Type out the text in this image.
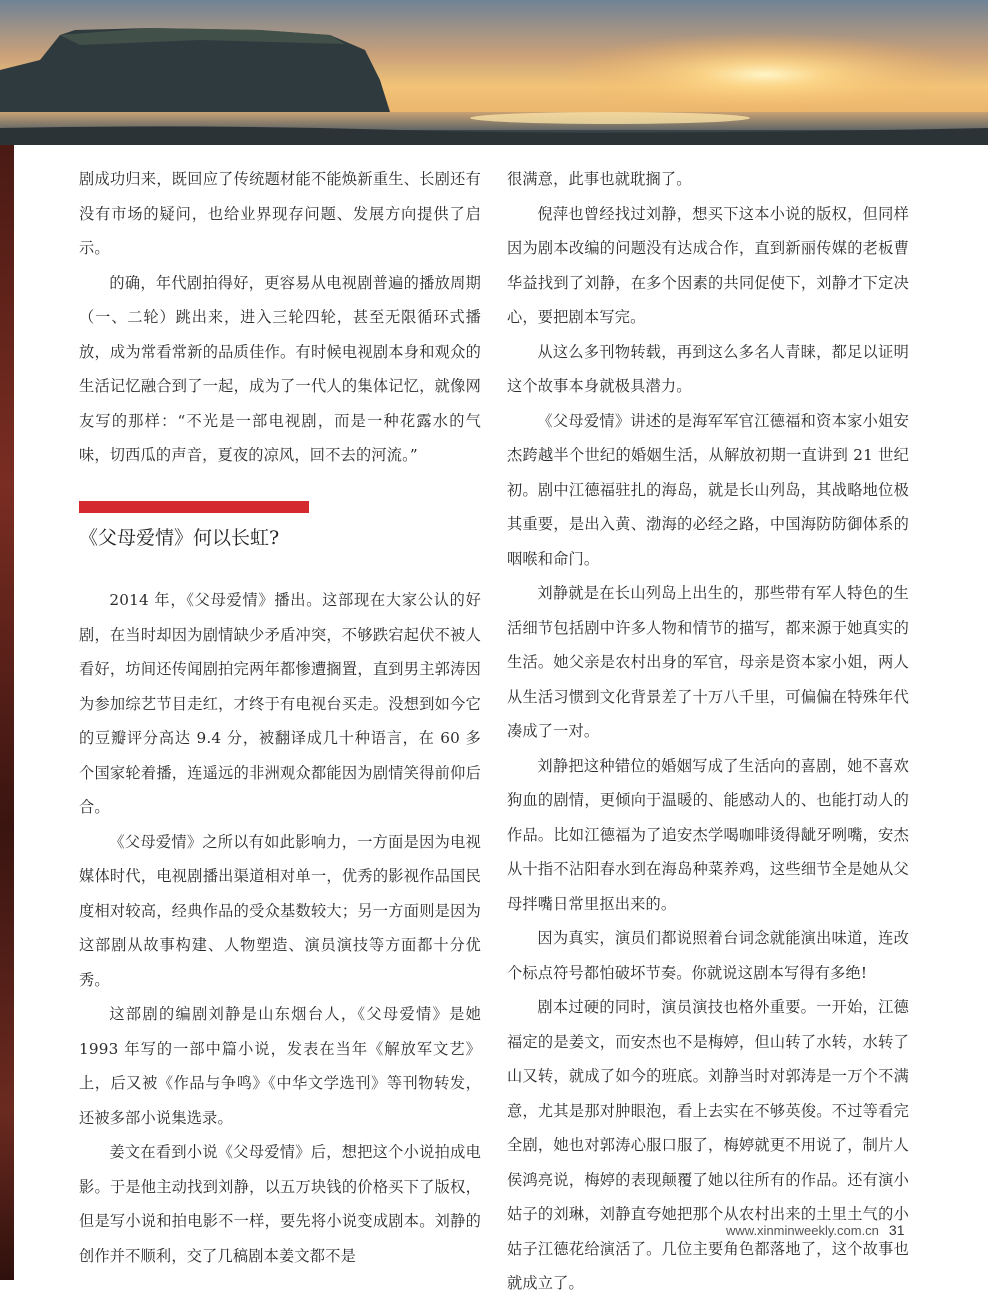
剧成功归来，既回应了传统题材能不能焕新重生、长剧还有没有市场的疑问，也给业界现存问题、发展方向提供了启示。

的确，年代剧拍得好，更容易从电视剧普遍的播放周期（一、二轮）跳出来，进入三轮四轮，甚至无限循环式播放，成为常看常新的品质佳作。有时候电视剧本身和观众的生活记忆融合到了一起，成为了一代人的集体记忆，就像网友写的那样：“不光是一部电视剧，而是一种花露水的气味，切西瓜的声音，夏夜的凉风，回不去的河流。”

《父母爱情》何以长虹?

2014 年，《父母爱情》播出。这部现在大家公认的好剧，在当时却因为剧情缺少矛盾冲突，不够跌宕起伏不被人看好，坊间还传闻剧拍完两年都惨遭搁置，直到男主郭涛因为参加综艺节目走红，才终于有电视台买走。没想到如今它的豆瓣评分高达 9.4 分，被翻译成几十种语言，在 60 多个国家轮着播，连遥远的非洲观众都能因为剧情笑得前仰后合。

《父母爱情》之所以有如此影响力，一方面是因为电视媒体时代，电视剧播出渠道相对单一，优秀的影视作品国民度相对较高，经典作品的受众基数较大；另一方面则是因为这部剧从故事构建、人物塑造、演员演技等方面都十分优秀。

这部剧的编剧刘静是山东烟台人，《父母爱情》是她 1993 年写的一部中篇小说，发表在当年《解放军文艺》上，后又被《作品与争鸣》《中华文学选刊》等刊物转发，还被多部小说集选录。

姜文在看到小说《父母爱情》后，想把这个小说拍成电影。于是他主动找到刘静，以五万块钱的价格买下了版权，但是写小说和拍电影不一样，要先将小说变成剧本。刘静的创作并不顺利，交了几稿剧本姜文都不是

很满意，此事也就耽搁了。

倪萍也曾经找过刘静，想买下这本小说的版权，但同样因为剧本改编的问题没有达成合作，直到新丽传媒的老板曹华益找到了刘静，在多个因素的共同促使下，刘静才下定决心，要把剧本写完。

从这么多刊物转载，再到这么多名人青睐，都足以证明这个故事本身就极具潜力。

《父母爱情》讲述的是海军军官江德福和资本家小姐安杰跨越半个世纪的婚姻生活，从解放初期一直讲到 21 世纪初。剧中江德福驻扎的海岛，就是长山列岛，其战略地位极其重要，是出入黄、渤海的必经之路，中国海防防御体系的咽喉和命门。

刘静就是在长山列岛上出生的，那些带有军人特色的生活细节包括剧中许多人物和情节的描写，都来源于她真实的生活。她父亲是农村出身的军官，母亲是资本家小姐，两人从生活习惯到文化背景差了十万八千里，可偏偏在特殊年代凑成了一对。

刘静把这种错位的婚姻写成了生活向的喜剧，她不喜欢狗血的剧情，更倾向于温暖的、能感动人的、也能打动人的作品。比如江德福为了追安杰学喝咖啡烫得龇牙咧嘴，安杰从十指不沾阳春水到在海岛种菜养鸡，这些细节全是她从父母拌嘴日常里抠出来的。

因为真实，演员们都说照着台词念就能演出味道，连改个标点符号都怕破坏节奏。你就说这剧本写得有多绝!

剧本过硬的同时，演员演技也格外重要。一开始，江德福定的是姜文，而安杰也不是梅婷，但山转了水转，水转了山又转，就成了如今的班底。刘静当时对郭涛是一万个不满意，尤其是那对肿眼泡，看上去实在不够英俊。不过等看完全剧，她也对郭涛心服口服了，梅婷就更不用说了，制片人侯鸿亮说，梅婷的表现颠覆了她以往所有的作品。还有演小姑子的刘琳，刘静直夸她把那个从农村出来的土里土气的小姑子江德花给演活了。几位主要角色都落地了，这个故事也就成立了。

www.xinminweekly.com.cn 31
